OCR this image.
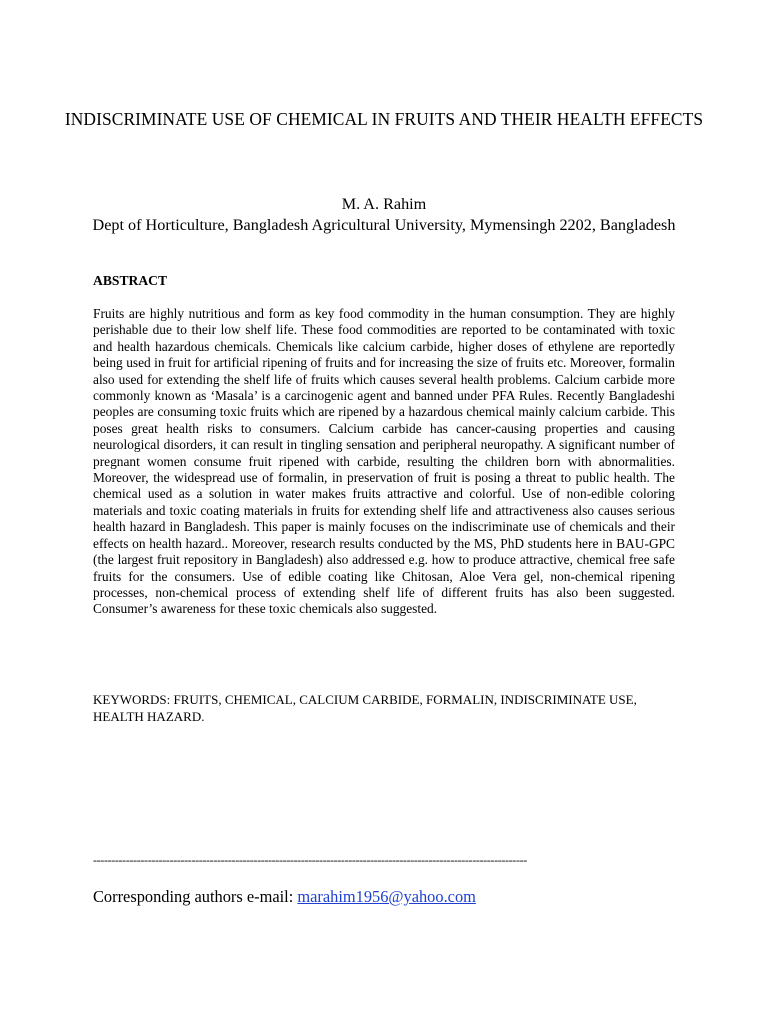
INDISCRIMINATE USE OF CHEMICAL IN FRUITS AND THEIR HEALTH EFFECTS
M. A. Rahim
Dept of Horticulture, Bangladesh Agricultural University, Mymensingh 2202, Bangladesh
ABSTRACT

Fruits are highly nutritious and form as key food commodity in the human consumption. They are highly perishable due to their low shelf life. These food commodities are reported to be contaminated with toxic and health hazardous chemicals. Chemicals like calcium carbide, higher doses of ethylene are reportedly being used in fruit for artificial ripening of fruits and for increasing the size of fruits etc. Moreover, formalin also used for extending the shelf life of fruits which causes several health problems. Calcium carbide more commonly known as ‘Masala’ is a carcinogenic agent and banned under PFA Rules. Recently Bangladeshi peoples are consuming toxic fruits which are ripened by a hazardous chemical mainly calcium carbide. This poses great health risks to consumers. Calcium carbide has cancer-causing properties and causing neurological disorders, it can result in tingling sensation and peripheral neuropathy. A significant number of pregnant women consume fruit ripened with carbide, resulting the children born with abnormalities. Moreover, the widespread use of formalin, in preservation of fruit is posing a threat to public health. The chemical used as a solution in water makes fruits attractive and colorful. Use of non-edible coloring materials and toxic coating materials in fruits for extending shelf life and attractiveness also causes serious health hazard in Bangladesh. This paper is mainly focuses on the indiscriminate use of chemicals and their effects on health hazard.. Moreover, research results conducted by the MS, PhD students here in BAU-GPC (the largest fruit repository in Bangladesh) also addressed e.g. how to produce attractive, chemical free safe fruits for the consumers. Use of edible coating like Chitosan, Aloe Vera gel, non-chemical ripening processes, non-chemical process of extending shelf life of different fruits has also been suggested. Consumer’s awareness for these toxic chemicals also suggested.

KEYWORDS: FRUITS, CHEMICAL, CALCIUM CARBIDE, FORMALIN, INDISCRIMINATE USE, HEALTH HAZARD.

-----------------------------------------------------------------------------------------------------------------------
Corresponding authors e-mail: marahim1956@yahoo.com
